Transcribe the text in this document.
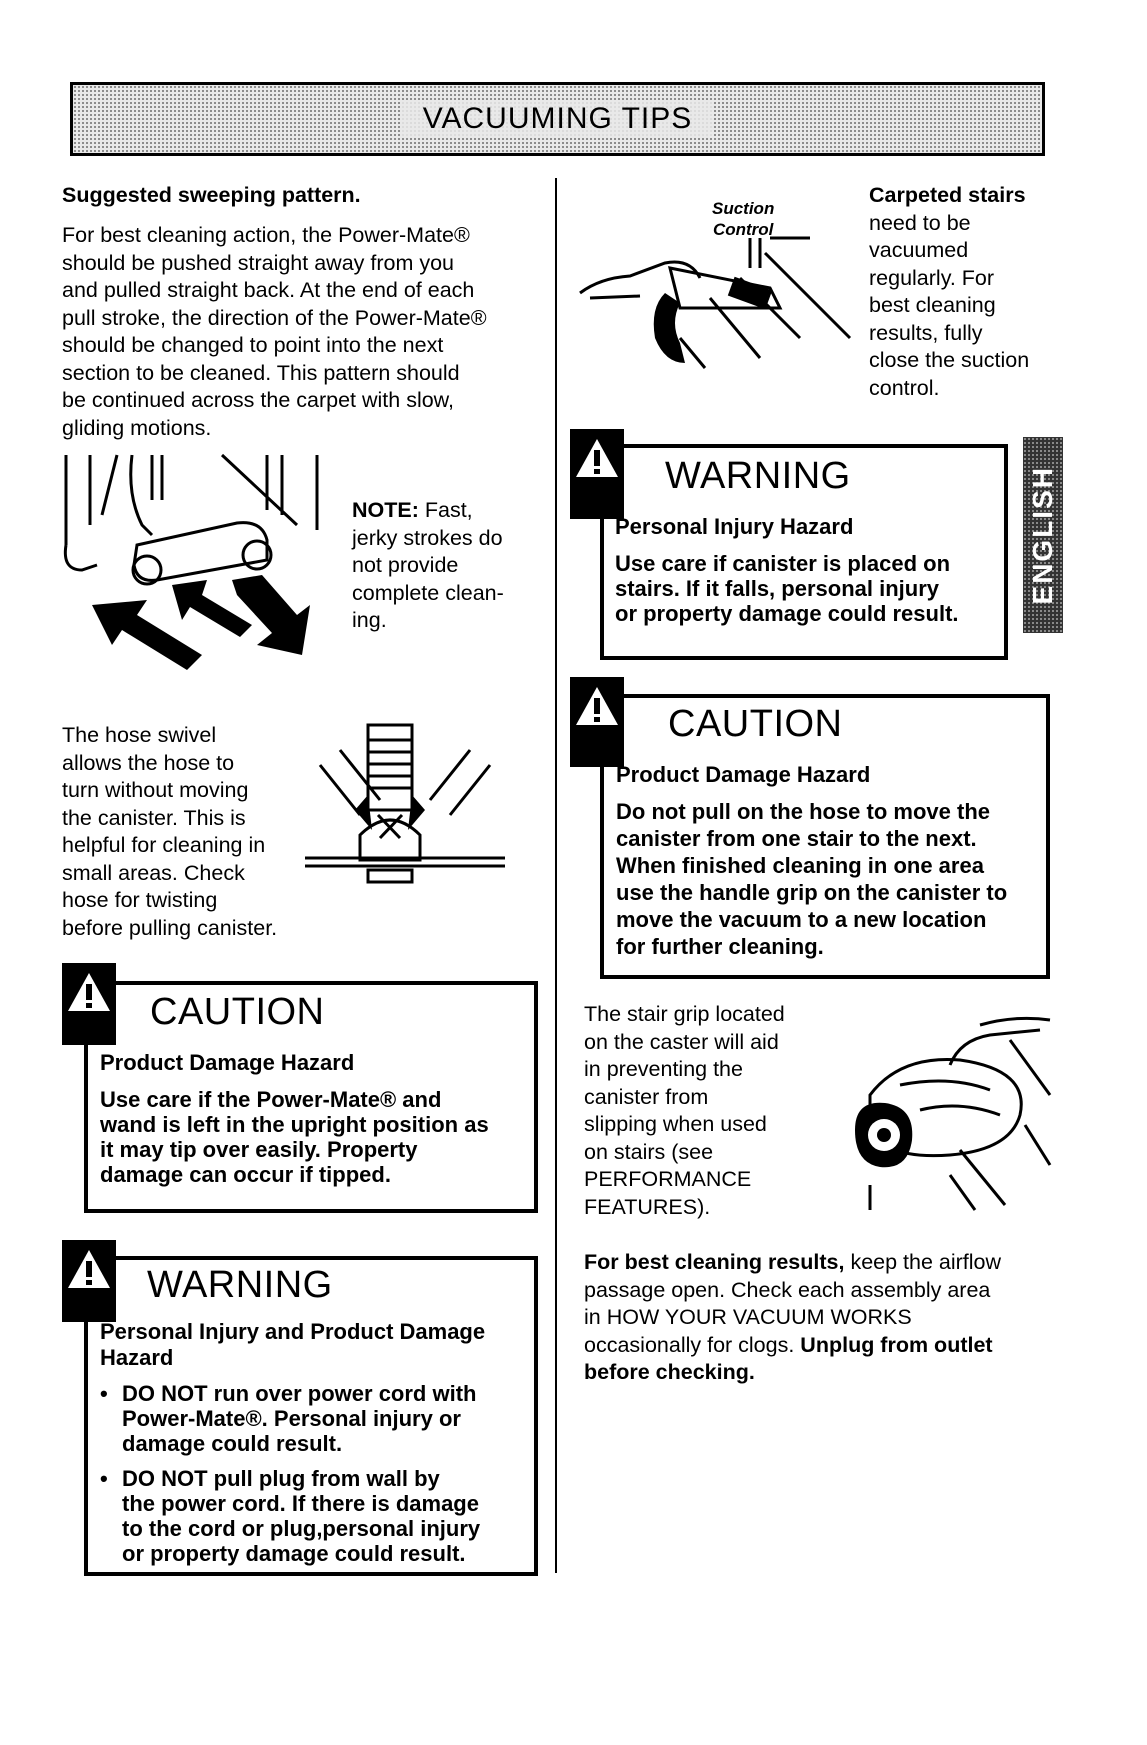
VACUUMING TIPS
Suggested sweeping pattern.

For best cleaning action, the Power-Mate®

should be pushed straight away from you

and pulled straight back. At the end of each

pull stroke, the direction of the Power-Mate®

should be changed to point into the next

section to be cleaned. This pattern should

be continued across the carpet with slow,

gliding motions.

NOTE: Fast,

jerky strokes do

not provide

complete clean-

ing.

The hose swivel

allows the hose to

turn without moving

the canister. This is

helpful for cleaning in

small areas. Check

hose for twisting

before pulling canister.

CAUTION
Product Damage Hazard

Use care if the Power-Mate® and

wand is left in the upright position as

it may tip over easily. Property

damage can occur if tipped.

WARNING

Personal Injury and Product Damage

Hazard

• DO NOT run over power cord with

Power-Mate®. Personal injury or

damage could result.

• DO NOT pull plug from wall by

the power cord. If there is damage

to the cord or plug,personal injury

or property damage could result.

Suction

Control

Carpeted stairs

need to be

vacuumed

regularly. For

best cleaning

results, fully

close the suction

control.

WARNING
Personal Injury Hazard

Use care if canister is placed on

stairs. If it falls, personal injury

or property damage could result.

ENGLISH
CAUTION
Product Damage Hazard

Do not pull on the hose to move the

canister from one stair to the next.

When finished cleaning in one area

use the handle grip on the canister to

move the vacuum to a new location

for further cleaning.

The stair grip located

on the caster will aid

in preventing the

canister from

slipping when used

on stairs (see

PERFORMANCE

FEATURES).

For best cleaning results, keep the airflow

passage open. Check each assembly area

in HOW YOUR VACUUM WORKS

occasionally for clogs. Unplug from outlet

before checking.
